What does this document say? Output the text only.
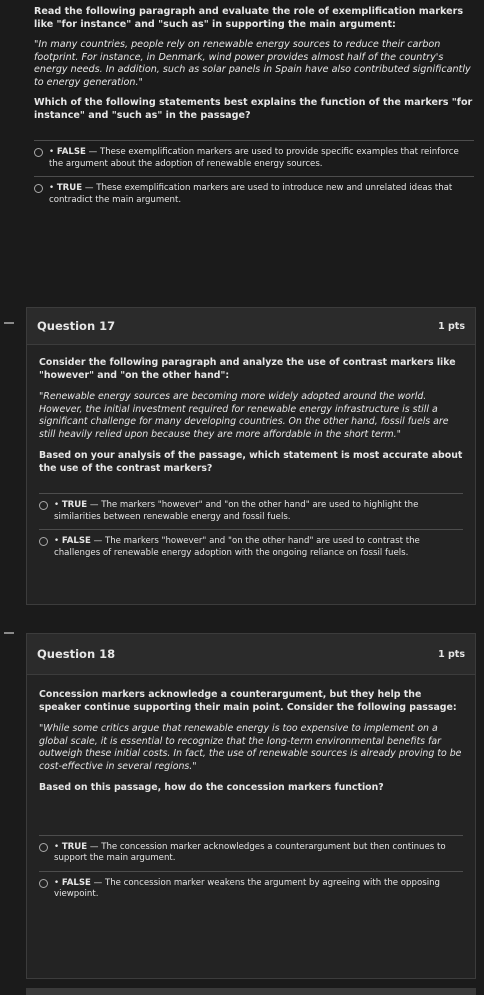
Read the following paragraph and evaluate the role of exemplification markers like "for instance" and "such as" in supporting the main argument:

"In many countries, people rely on renewable energy sources to reduce their carbon footprint. For instance, in Denmark, wind power provides almost half of the country's energy needs. In addition, such as solar panels in Spain have also contributed significantly to energy generation."

Which of the following statements best explains the function of the markers "for instance" and "such as" in the passage?

• FALSE — These exemplification markers are used to provide specific examples that reinforce the argument about the adoption of renewable energy sources.
• TRUE — These exemplification markers are used to introduce new and unrelated ideas that contradict the main argument.
Question 17	1 pts

Consider the following paragraph and analyze the use of contrast markers like "however" and "on the other hand":

"Renewable energy sources are becoming more widely adopted around the world. However, the initial investment required for renewable energy infrastructure is still a significant challenge for many developing countries. On the other hand, fossil fuels are still heavily relied upon because they are more affordable in the short term."

Based on your analysis of the passage, which statement is most accurate about the use of the contrast markers?

• TRUE — The markers "however" and "on the other hand" are used to highlight the similarities between renewable energy and fossil fuels.
• FALSE — The markers "however" and "on the other hand" are used to contrast the challenges of renewable energy adoption with the ongoing reliance on fossil fuels.
Question 18	1 pts

Concession markers acknowledge a counterargument, but they help the speaker continue supporting their main point. Consider the following passage:

"While some critics argue that renewable energy is too expensive to implement on a global scale, it is essential to recognize that the long-term environmental benefits far outweigh these initial costs. In fact, the use of renewable sources is already proving to be cost-effective in several regions."

Based on this passage, how do the concession markers function?

• TRUE — The concession marker acknowledges a counterargument but then continues to support the main argument.
• FALSE — The concession marker weakens the argument by agreeing with the opposing viewpoint.
